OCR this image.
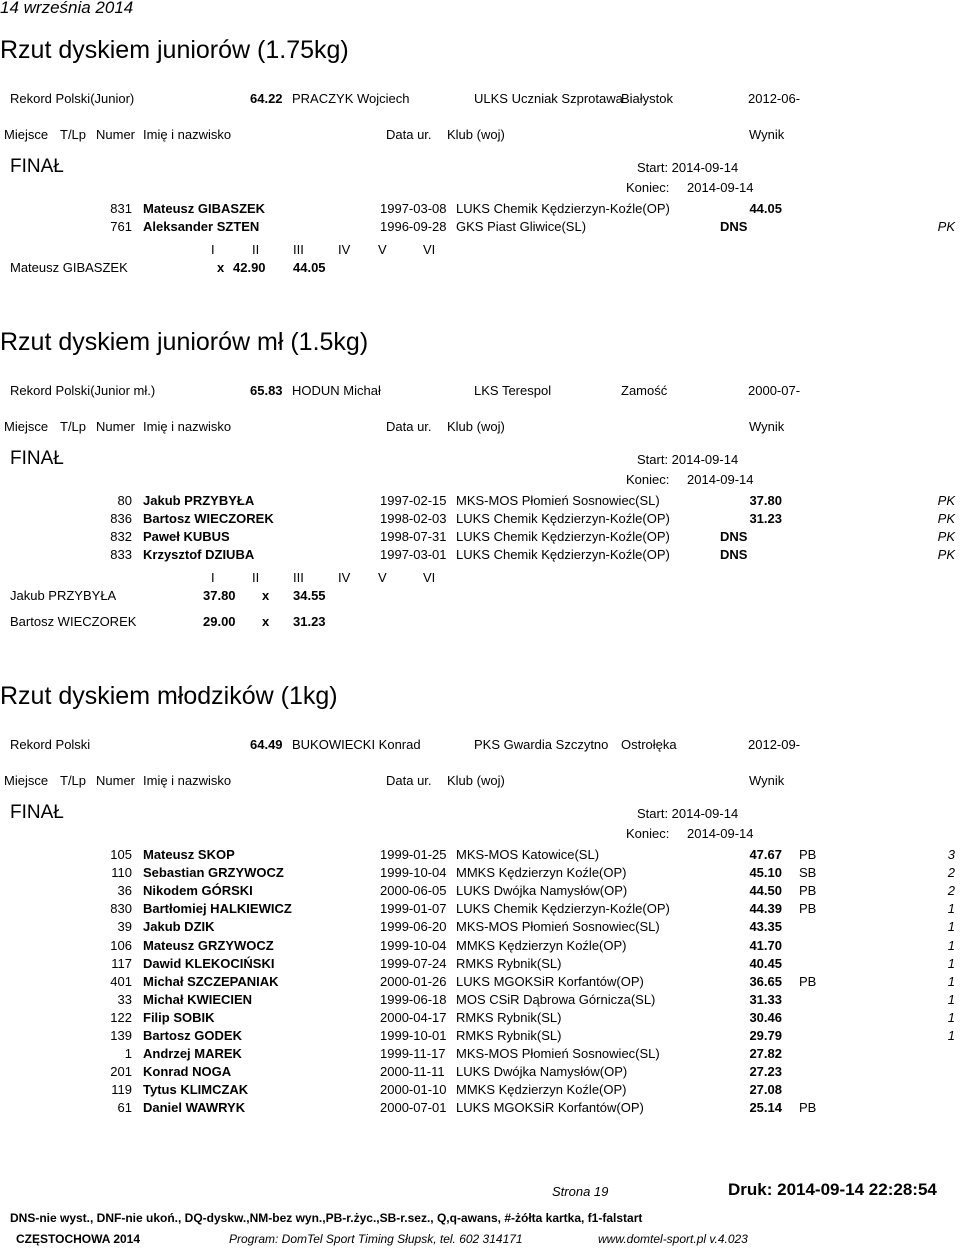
14 września 2014
Rzut dyskiem juniorów (1.75kg)
Rekord Polski(Junior)	64.22 PRACZYK Wojciech	ULKS Uczniak Szprotawa
Białystok	2012-06-
Miejsce T/Lp Numer Imię i nazwisko	Data ur. Klub (woj)	Wynik
FINAŁ	Start: 2014-09-14
Koniec: 2014-09-14
831 Mateusz GIBASZEK	1997-03-08 LUKS Chemik Kędzierzyn-Koźle(OP)	44.05
761 Aleksander SZTEN	1996-09-28 GKS Piast Gliwice(SL)	DNS	PK
I	II	III	IV V	VI
Mateusz GIBASZEK	x 42.90 44.05
Rzut dyskiem juniorów mł (1.5kg)
Rekord Polski(Junior mł.)	65.83 HODUN Michał	LKS Terespol	Zamość	2000-07-
Miejsce T/Lp Numer Imię i nazwisko	Data ur. Klub (woj)	Wynik
FINAŁ	Start: 2014-09-14
Koniec: 2014-09-14
80 Jakub PRZYBYŁA	1997-02-15 MKS-MOS Płomień Sosnowiec(SL)	37.80	PK
836 Bartosz WIECZOREK	1998-02-03 LUKS Chemik Kędzierzyn-Koźle(OP)	31.23	PK
832 Paweł KUBUS	1998-07-31 LUKS Chemik Kędzierzyn-Koźle(OP)	DNS	PK
833 Krzysztof DZIUBA	1997-03-01 LUKS Chemik Kędzierzyn-Koźle(OP)	DNS	PK
I	II	III	IV V	VI
Jakub PRZYBYŁA	37.80 x 34.55
Bartosz WIECZOREK	29.00 x 31.23
Rzut dyskiem młodzików (1kg)
Rekord Polski	64.49 BUKOWIECKI Konrad	PKS Gwardia Szczytno Ostrołęka	2012-09-
Miejsce T/Lp Numer Imię i nazwisko	Data ur. Klub (woj)	Wynik
FINAŁ	Start: 2014-09-14
Koniec: 2014-09-14
105 Mateusz SKOP	1999-01-25 MKS-MOS Katowice(SL)	47.67 PB	3
110 Sebastian GRZYWOCZ	1999-10-04 MMKS Kędzierzyn Koźle(OP)	45.10 SB	2
36 Nikodem GÓRSKI	2000-06-05 LUKS Dwójka Namysłów(OP)	44.50 PB	2
830 Bartłomiej HALKIEWICZ	1999-01-07 LUKS Chemik Kędzierzyn-Koźle(OP)	44.39 PB	1
39 Jakub DZIK	1999-06-20 MKS-MOS Płomień Sosnowiec(SL)	43.35	1
106 Mateusz GRZYWOCZ	1999-10-04 MMKS Kędzierzyn Koźle(OP)	41.70	1
117 Dawid KLEKOCIŃSKI	1999-07-24 RMKS Rybnik(SL)	40.45	1
401 Michał SZCZEPANIAK	2000-01-26 LUKS MGOKSiR Korfantów(OP)	36.65 PB	1
33 Michał KWIECIEN	1999-06-18 MOS CSiR Dąbrowa Górnicza(SL)	31.33	1
122 Filip SOBIK	2000-04-17 RMKS Rybnik(SL)	30.46	1
139 Bartosz GODEK	1999-10-01 RMKS Rybnik(SL)	29.79	1
1 Andrzej MAREK	1999-11-17 MKS-MOS Płomień Sosnowiec(SL)	27.82
201 Konrad NOGA	2000-11-11 LUKS Dwójka Namysłów(OP)	27.23
119 Tytus KLIMCZAK	2000-01-10 MMKS Kędzierzyn Koźle(OP)	27.08
61 Daniel WAWRYK	2000-07-01 LUKS MGOKSiR Korfantów(OP)	25.14 PB
Strona 19	Druk: 2014-09-14 22:28:54
DNS-nie wyst., DNF-nie ukoń., DQ-dyskw.,NM-bez wyn.,PB-r.życ.,SB-r.sez., Q,q-awans, #-żółta kartka, f1-falstart
CZĘSTOCHOWA 2014	Program: DomTel Sport Timing Słupsk, tel. 602 314171	www.domtel-sport.pl v.4.023
